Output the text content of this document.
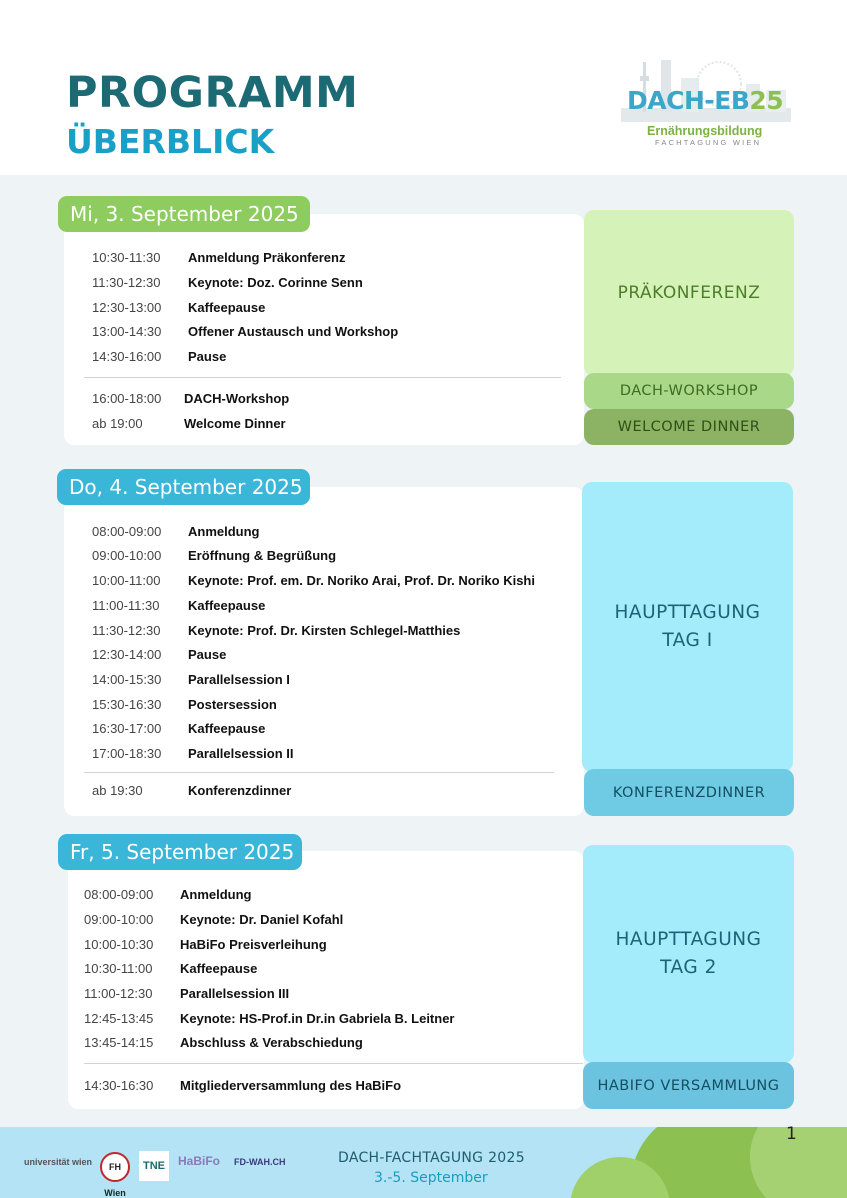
PROGRAMM
ÜBERBLICK
DACH-EB25
Ernährungsbildung
FACHTAGUNG WIEN
Mi, 3. September 2025
10:30-11:30 Anmeldung Präkonferenz
11:30-12:30 Keynote: Doz. Corinne Senn
12:30-13:00 Kaffeepause
13:00-14:30 Offener Austausch und Workshop
14:30-16:00 Pause
16:00-18:00 DACH-Workshop
ab 19:00	Welcome Dinner
PRÄKONFERENZ
DACH-WORKSHOP
WELCOME DINNER
Do, 4. September 2025
08:00-09:00 Anmeldung
09:00-10:00 Eröffnung & Begrüßung
10:00-11:00 Keynote: Prof. em. Dr. Noriko Arai, Prof. Dr. Noriko Kishi
11:00-11:30 Kaffeepause
11:30-12:30 Keynote: Prof. Dr. Kirsten Schlegel-Matthies
12:30-14:00 Pause
14:00-15:30 Parallelsession I
15:30-16:30 Postersession
16:30-17:00 Kaffeepause
17:00-18:30 Parallelsession II
ab 19:30	Konferenzdinner
HAUPTTAGUNG
TAG I
KONFERENZDINNER
Fr, 5. September 2025
08:00-09:00 Anmeldung
09:00-10:00 Keynote: Dr. Daniel Kofahl
10:00-10:30 HaBiFo Preisverleihung
10:30-11:00 Kaffeepause
11:00-12:30 Parallelsession III
12:45-13:45 Keynote: HS-Prof.in Dr.in Gabriela B. Leitner
13:45-14:15 Abschluss & Verabschiedung
14:30-16:30 Mitgliederversammlung des HaBiFo
HAUPTTAGUNG
TAG 2
HABIFO VERSAMMLUNG
universität wien	FH Wien
TNE	HaBiFo FD-WAH.CH	DACH-FACHTAGUNG 2025
3.-5. September
1
